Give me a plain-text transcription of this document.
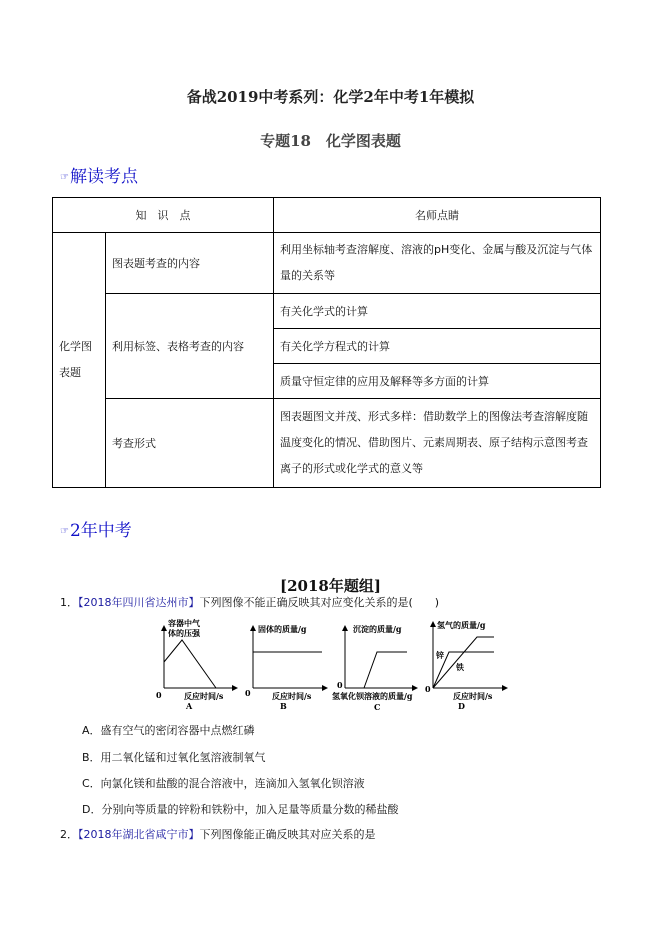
备战2019中考系列：化学2年中考1年模拟
专题18　化学图表题
☞解读考点
知　识　点		名师点睛
化学图表题	图表题考查的内容	利用坐标轴考查溶解度、溶液的pH变化、金属与酸及沉淀与气体量的关系等
	利用标签、表格考查的内容	有关化学式的计算
		有关化学方程式的计算
		质量守恒定律的应用及解释等多方面的计算
	考查形式	图表题图文并茂、形式多样：借助数学上的图像法考查溶解度随温度变化的情况、借助图片、元素周期表、原子结构示意图考查离子的形式或化学式的意义等
☞2年中考
[2018年题组]
1．【2018年四川省达州市】下列图像不能正确反映其对应变化关系的是(　　)
容器中气
体的压强
0	反应时间/s
A
固体的质量/g
0	反应时间/s
B
沉淀的质量/g
0
氢氧化钡溶液的质量/g
C
氢气的质量/g
锌
铁
0
反应时间/s
D
A．盛有空气的密闭容器中点燃红磷
B．用二氧化锰和过氧化氢溶液制氧气
C．向氯化镁和盐酸的混合溶液中，连滴加入氢氧化钡溶液
D．分别向等质量的锌粉和铁粉中，加入足量等质量分数的稀盐酸
2．【2018年湖北省咸宁市】下列图像能正确反映其对应关系的是
